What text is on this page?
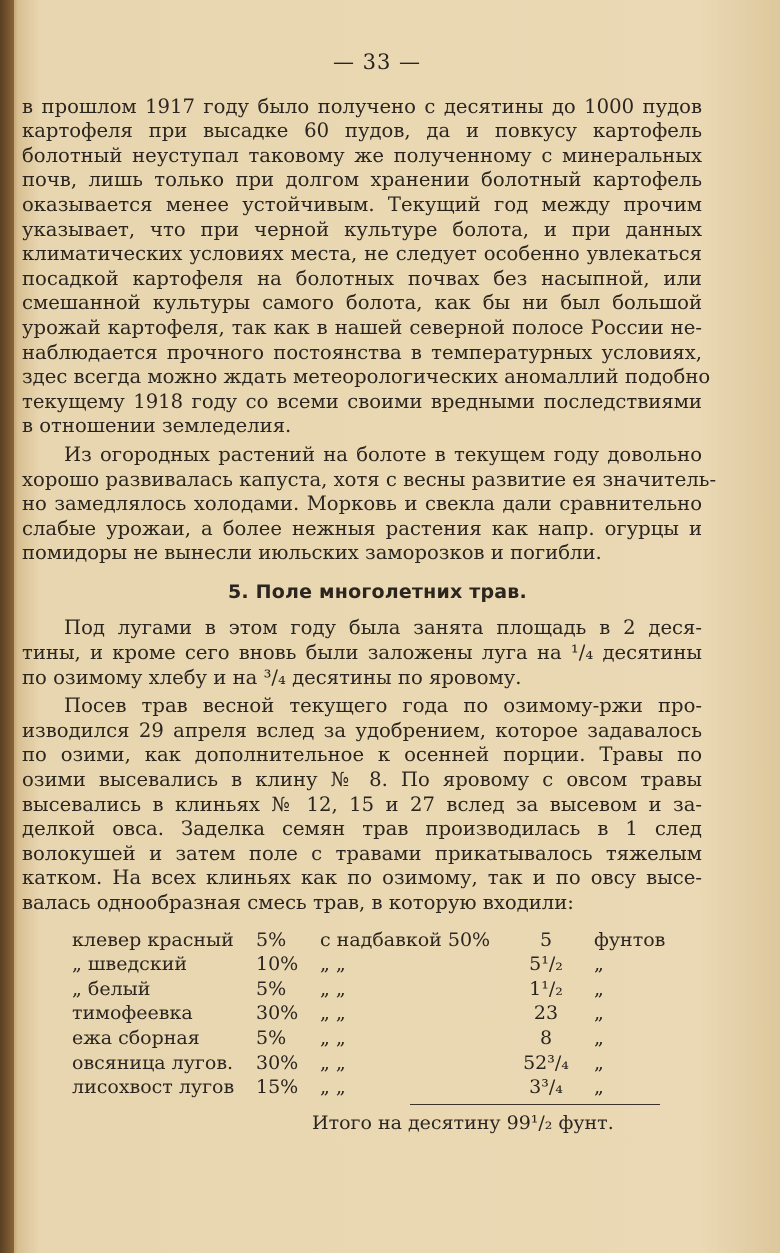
— 33 —
в прошлом 1917 году было получено с десятины до 1000 пудов
картофеля при высадке 60 пудов, да и повкусу картофель
болотный неуступал таковому же полученному с минеральных
почв, лишь только при долгом хранении болотный картофель
оказывается менее устойчивым. Текущий год между прочим
указывает, что при черной культуре болота, и при данных
климатических условиях места, не следует особенно увлекаться
посадкой картофеля на болотных почвах без насыпной, или
смешанной культуры самого болота, как бы ни был большой
урожай картофеля, так как в нашей северной полосе России не-
наблюдается прочного постоянства в температурных условиях,
здес всегда можно ждать метеорологических аномаллий подобно
текущему 1918 году со всеми своими вредными последствиями
в отношении земледелия.
Из огородных растений на болоте в текущем году довольно
хорошо развивалась капуста, хотя с весны развитие ея значитель-
но замедлялось холодами. Морковь и свекла дали сравнительно
слабые урожаи, а более нежныя растения как напр. огурцы и
помидоры не вынесли июльских заморозков и погибли.
5. Поле многолетних трав.
Под лугами в этом году была занята площадь в 2 деся-
тины, и кроме сего вновь были заложены луга на ¹/₄ десятины
по озимому хлебу и на ³/₄ десятины по яровому.
Посев трав весной текущего года по озимому-ржи про-
изводился 29 апреля вслед за удобрением, которое задавалось
по озими, как дополнительное к осенней порции. Травы по
озими высевались в клину № 8. По яровому с овсом травы
высевались в клиньях № 12, 15 и 27 вслед за высевом и за-
делкой овса. Заделка семян трав производилась в 1 след
волокушей и затем поле с травами прикатывалось тяжелым
катком. На всех клиньях как по озимому, так и по овсу высе-
валась однообразная смесь трав, в которую входили:
клевер красный	5%	с надбавкой 50%	5	фунтов
„ шведский	10%	„ „	5¹/₂	„
„ белый	5%	„ „	1¹/₂	„
тимофеевка	30%	„ „	23	„
ежа сборная	5%	„ „	8	„
овсяница лугов.	30%	„ „	52³/₄	„
лисохвост лугов	15%	„ „	3³/₄	„
Итого на десятину 99¹/₂ фунт.
